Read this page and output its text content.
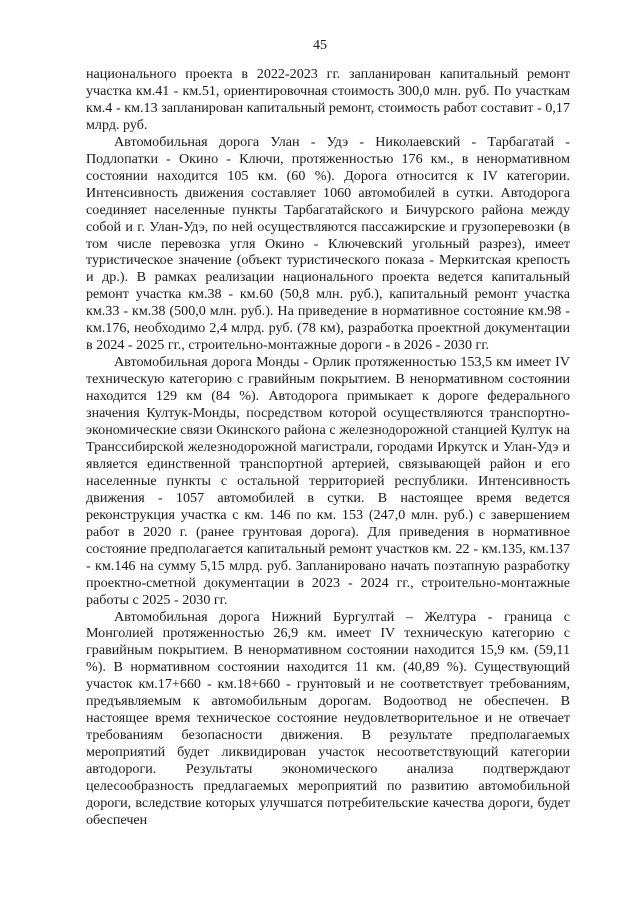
45

национального проекта в 2022-2023 гг. запланирован капитальный ремонт участка км.41 - км.51, ориентировочная стоимость 300,0 млн. руб. По участкам км.4 - км.13 запланирован капитальный ремонт, стоимость работ составит - 0,17 млрд. руб.

Автомобильная дорога Улан - Удэ - Николаевский - Тарбагатай - Подлопатки - Окино - Ключи, протяженностью 176 км., в ненормативном состоянии находится 105 км. (60 %). Дорога относится к IV категории. Интенсивность движения составляет 1060 автомобилей в сутки. Автодорога соединяет населенные пункты Тарбагатайского и Бичурского района между собой и г. Улан-Удэ, по ней осуществляются пассажирские и грузоперевозки (в том числе перевозка угля Окино - Ключевский угольный разрез), имеет туристическое значение (объект туристического показа - Меркитская крепость и др.). В рамках реализации национального проекта ведется капитальный ремонт участка км.38 - км.60 (50,8 млн. руб.), капитальный ремонт участка км.33 - км.38 (500,0 млн. руб.). На приведение в нормативное состояние км.98 - км.176, необходимо 2,4 млрд. руб. (78 км), разработка проектной документации в 2024 - 2025 гг., строительно-монтажные дороги - в 2026 - 2030 гг.

Автомобильная дорога Монды - Орлик протяженностью 153,5 км имеет IV техническую категорию с гравийным покрытием. В ненормативном состоянии находится 129 км (84 %). Автодорога примыкает к дороге федерального значения Култук-Монды, посредством которой осуществляются транспортно-экономические связи Окинского района с железнодорожной станцией Култук на Транссибирской железнодорожной магистрали, городами Иркутск и Улан-Удэ и является единственной транспортной артерией, связывающей район и его населенные пункты с остальной территорией республики. Интенсивность движения - 1057 автомобилей в сутки. В настоящее время ведется реконструкция участка с км. 146 по км. 153 (247,0 млн. руб.) с завершением работ в 2020 г. (ранее грунтовая дорога). Для приведения в нормативное состояние предполагается капитальный ремонт участков км. 22 - км.135, км.137 - км.146 на сумму 5,15 млрд. руб. Запланировано начать поэтапную разработку проектно-сметной документации в 2023 - 2024 гг., строительно-монтажные работы с 2025 - 2030 гг.

Автомобильная дорога Нижний Бургултай – Желтура - граница с Монголией протяженностью 26,9 км. имеет IV техническую категорию с гравийным покрытием. В ненормативном состоянии находится 15,9 км. (59,11 %). В нормативном состоянии находится 11 км. (40,89 %). Существующий участок км.17+660 - км.18+660 - грунтовый и не соответствует требованиям, предъявляемым к автомобильным дорогам. Водоотвод не обеспечен. В настоящее время техническое состояние неудовлетворительное и не отвечает требованиям безопасности движения. В результате предполагаемых мероприятий будет ликвидирован участок несоответствующий категории автодороги. Результаты экономического анализа подтверждают целесообразность предлагаемых мероприятий по развитию автомобильной дороги, вследствие которых улучшатся потребительские качества дороги, будет обеспечен
